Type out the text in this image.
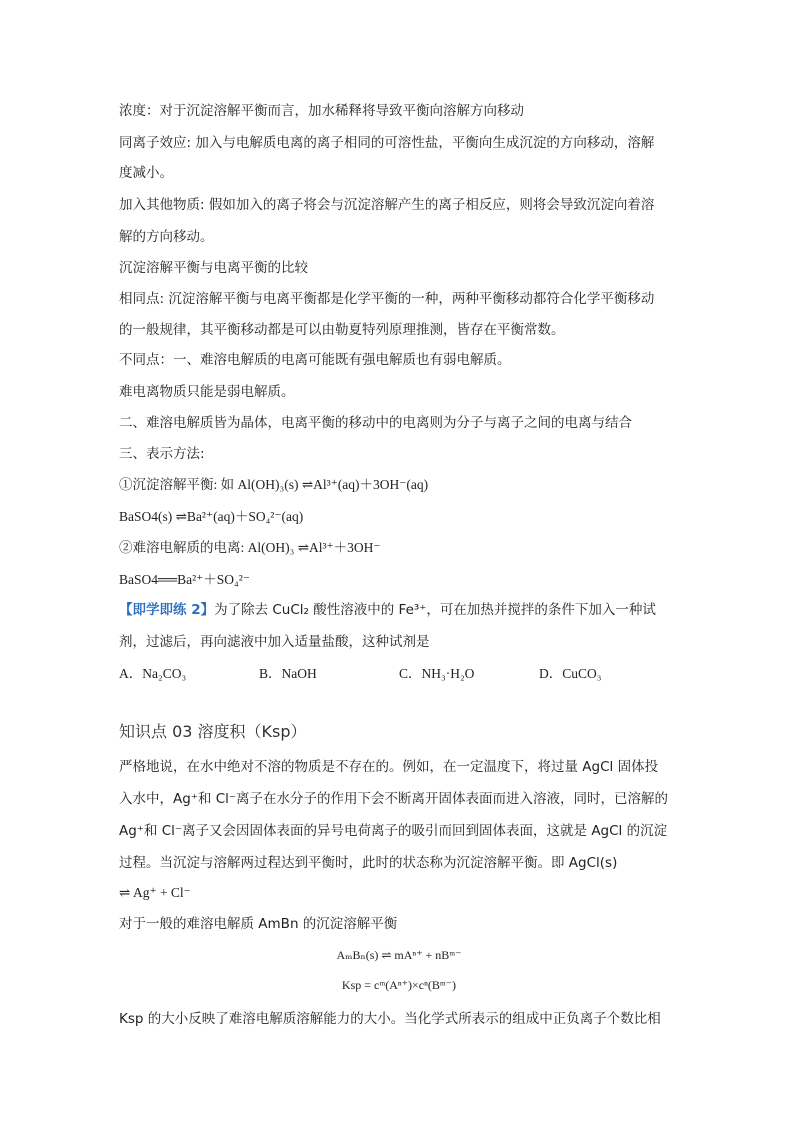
浓度：对于沉淀溶解平衡而言，加水稀释将导致平衡向溶解方向移动
同离子效应: 加入与电解质电离的离子相同的可溶性盐，平衡向生成沉淀的方向移动，溶解
度减小。
加入其他物质: 假如加入的离子将会与沉淀溶解产生的离子相反应，则将会导致沉淀向着溶
解的方向移动。
沉淀溶解平衡与电离平衡的比较
相同点: 沉淀溶解平衡与电离平衡都是化学平衡的一种，两种平衡移动都符合化学平衡移动
的一般规律，其平衡移动都是可以由勒夏特列原理推测，皆存在平衡常数。
不同点：一、难溶电解质的电离可能既有强电解质也有弱电解质。
难电离物质只能是弱电解质。
二、难溶电解质皆为晶体，电离平衡的移动中的电离则为分子与离子之间的电离与结合
三、表示方法:
①沉淀溶解平衡: 如 Al(OH)₃(s) ⇌Al³⁺(aq)＋3OH⁻(aq)
BaSO4(s) ⇌Ba²⁺(aq)＋SO₄²⁻(aq)
②难溶电解质的电离: Al(OH)₃ ⇌Al³⁺＋3OH⁻
BaSO4══Ba²⁺＋SO₄²⁻
【即学即练 2】为了除去 CuCl₂ 酸性溶液中的 Fe³⁺，可在加热并搅拌的条件下加入一种试
剂，过滤后，再向滤液中加入适量盐酸，这种试剂是
A．Na₂CO₃	B．NaOH	C．NH₃·H₂O	D．CuCO₃
知识点 03 溶度积（Ksp）
严格地说，在水中绝对不溶的物质是不存在的。例如，在一定温度下，将过量 AgCl 固体投
入水中，Ag⁺和 Cl⁻离子在水分子的作用下会不断离开固体表面而进入溶液，同时，已溶解的
Ag⁺和 Cl⁻离子又会因固体表面的异号电荷离子的吸引而回到固体表面，这就是 AgCl 的沉淀
过程。当沉淀与溶解两过程达到平衡时，此时的状态称为沉淀溶解平衡。即 AgCl(s)
⇌ Ag⁺ + Cl⁻
对于一般的难溶电解质 AmBn 的沉淀溶解平衡
AₘBₙ(s) ⇌ mAⁿ⁺ + nBᵐ⁻
Ksp = cᵐ(Aⁿ⁺)×cⁿ(Bᵐ⁻)
Ksp 的大小反映了难溶电解质溶解能力的大小。当化学式所表示的组成中正负离子个数比相
